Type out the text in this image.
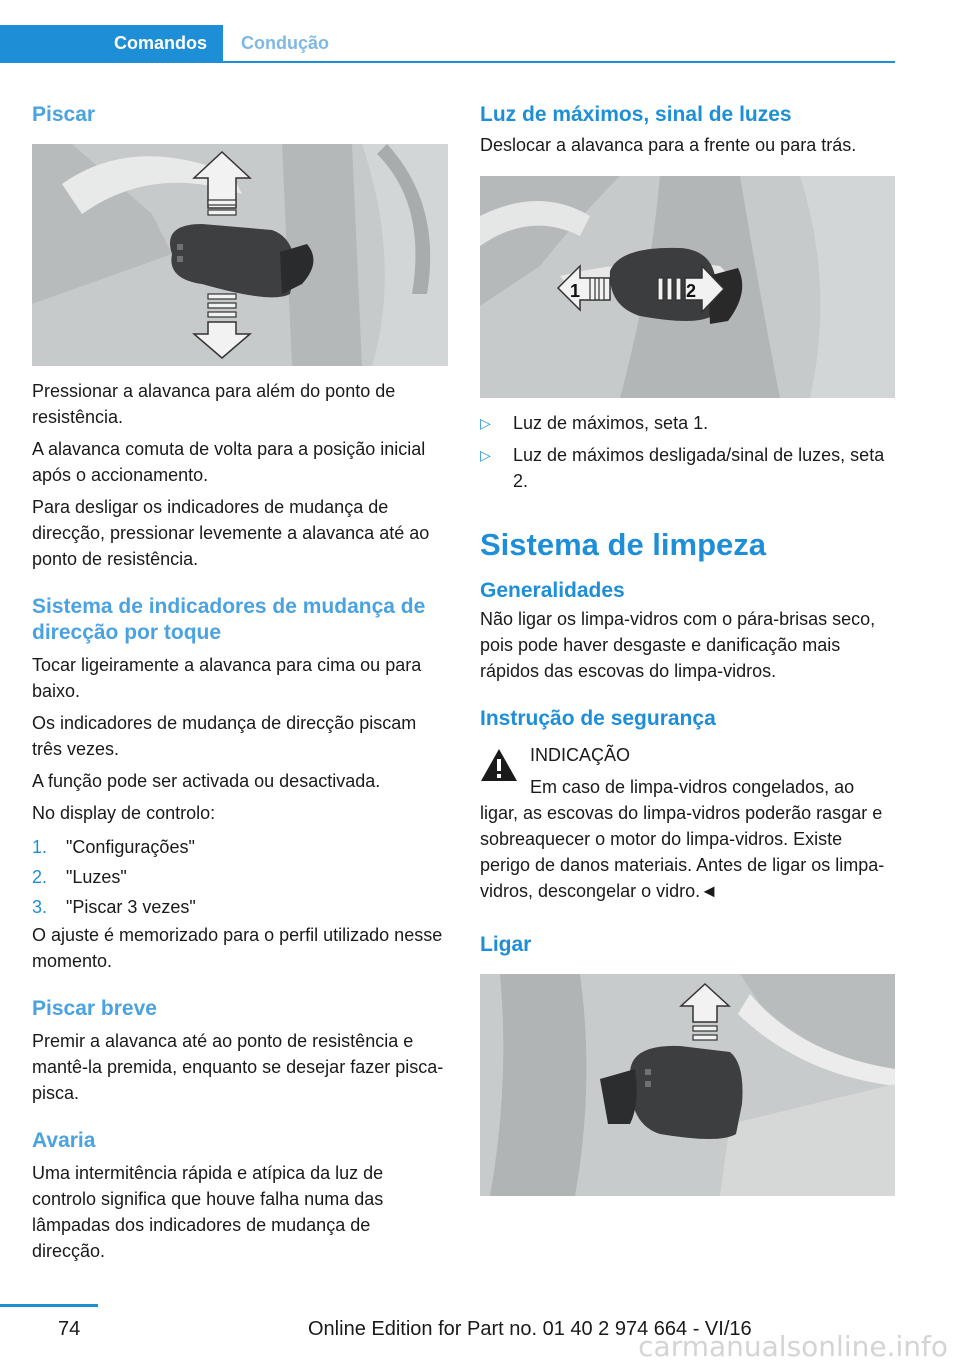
Comandos	Condução
Piscar

Pressionar a alavanca para além do ponto de resistência.

A alavanca comuta de volta para a posição inicial após o accionamento.

Para desligar os indicadores de mudança de direcção, pressionar levemente a alavanca até ao ponto de resistência.

Sistema de indicadores de mudança de direcção por toque

Tocar ligeiramente a alavanca para cima ou para baixo.

Os indicadores de mudança de direcção piscam três vezes.

A função pode ser activada ou desactivada.

No display de controlo:

1. "Configurações"
2. "Luzes"
3. "Piscar 3 vezes"

O ajuste é memorizado para o perfil utilizado nesse momento.

Piscar breve

Premir a alavanca até ao ponto de resistência e mantê-la premida, enquanto se desejar fazer pisca-pisca.

Avaria

Uma intermitência rápida e atípica da luz de controlo significa que houve falha numa das lâmpadas dos indicadores de mudança de direcção.

Luz de máximos, sinal de luzes

Deslocar a alavanca para a frente ou para trás.

1	2
▷ Luz de máximos, seta 1.
▷ Luz de máximos desligada/sinal de luzes, seta 2.
Sistema de limpeza
Generalidades

Não ligar os limpa-vidros com o pára-brisas seco, pois pode haver desgaste e danificação mais rápidos das escovas do limpa-vidros.

Instrução de segurança

INDICAÇÃO

Em caso de limpa-vidros congelados, ao ligar, as escovas do limpa-vidros poderão rasgar e sobreaquecer o motor do limpa-vidros. Existe perigo de danos materiais. Antes de ligar os limpa-vidros, descongelar o vidro.◄

Ligar
74	Online Edition for Part no. 01 40 2 974 664 - VI/16
carmanualsonline.info
